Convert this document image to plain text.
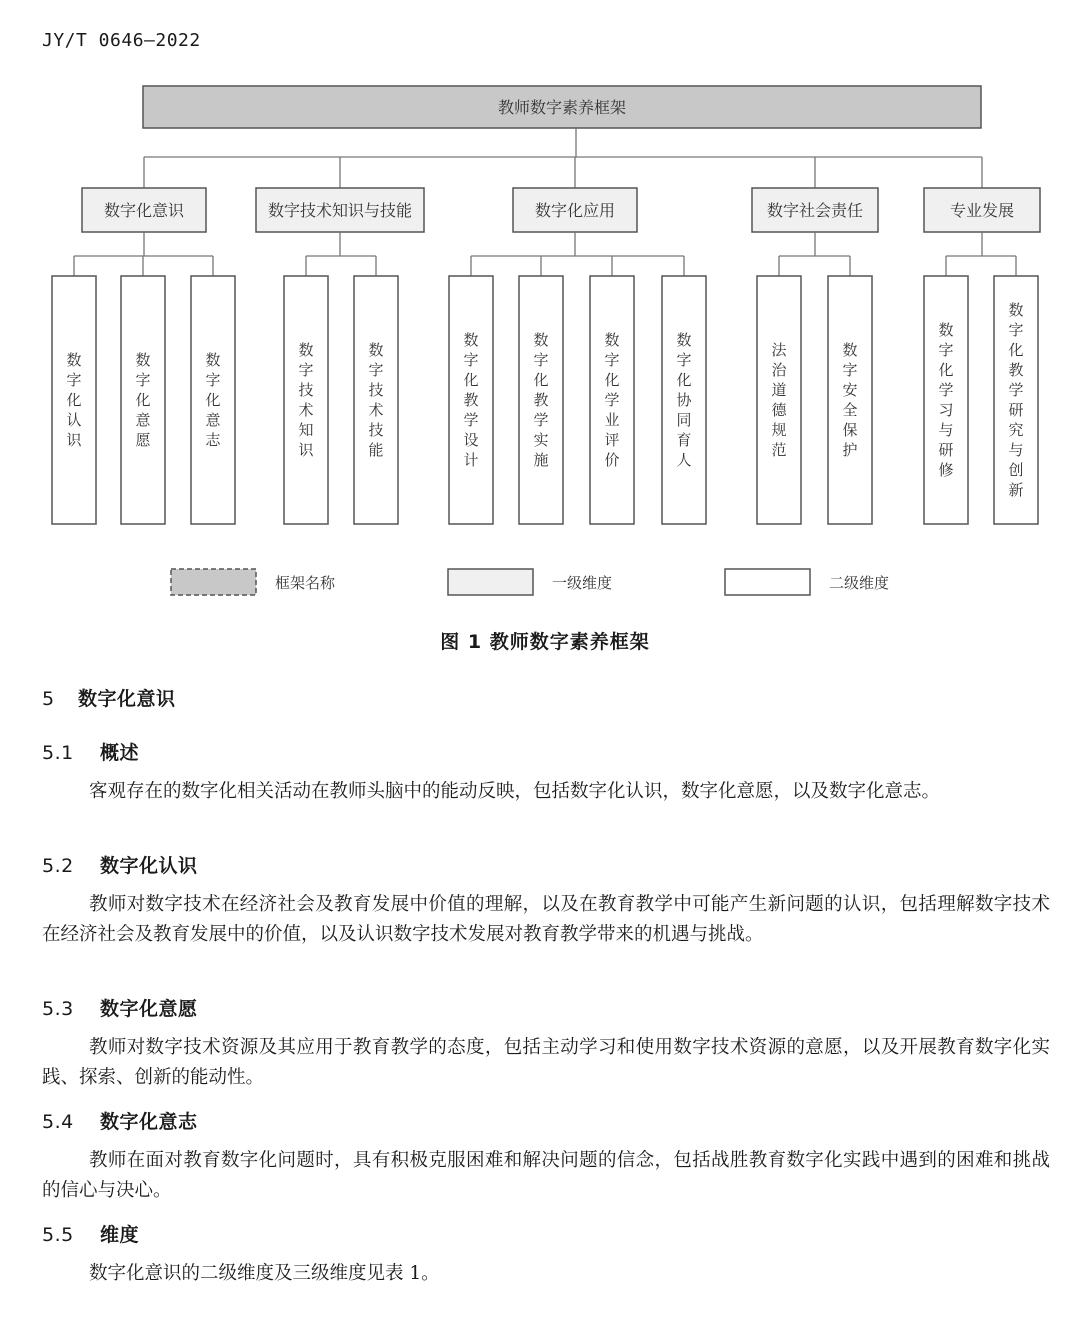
JY/T 0646—2022
教师数字素养框架
数字化意识
数字化认识
数字化意愿
数字化意志
数字技术知识与技能
数字技术知识
数字技术技能
数字化应用
数字化教学设计
数字化教学实施
数字化学业评价
数字化协同育人
数字社会责任
法治道德规范
数字安全保护
专业发展
数字化学习与研修
数字化教学研究与创新
框架名称	一级维度	二级维度
图 1 教师数字素养框架
5 数字化意识
5.1 概述
客观存在的数字化相关活动在教师头脑中的能动反映，包括数字化认识，数字化意愿，以及数字化意志。
5.2 数字化认识
教师对数字技术在经济社会及教育发展中价值的理解，以及在教育教学中可能产生新问题的认识，包括理解数字技术在经济社会及教育发展中的价值，以及认识数字技术发展对教育教学带来的机遇与挑战。
5.3 数字化意愿
教师对数字技术资源及其应用于教育教学的态度，包括主动学习和使用数字技术资源的意愿，以及开展教育数字化实践、探索、创新的能动性。
5.4 数字化意志
教师在面对教育数字化问题时，具有积极克服困难和解决问题的信念，包括战胜教育数字化实践中遇到的困难和挑战的信心与决心。
5.5 维度
数字化意识的二级维度及三级维度见表 1。
